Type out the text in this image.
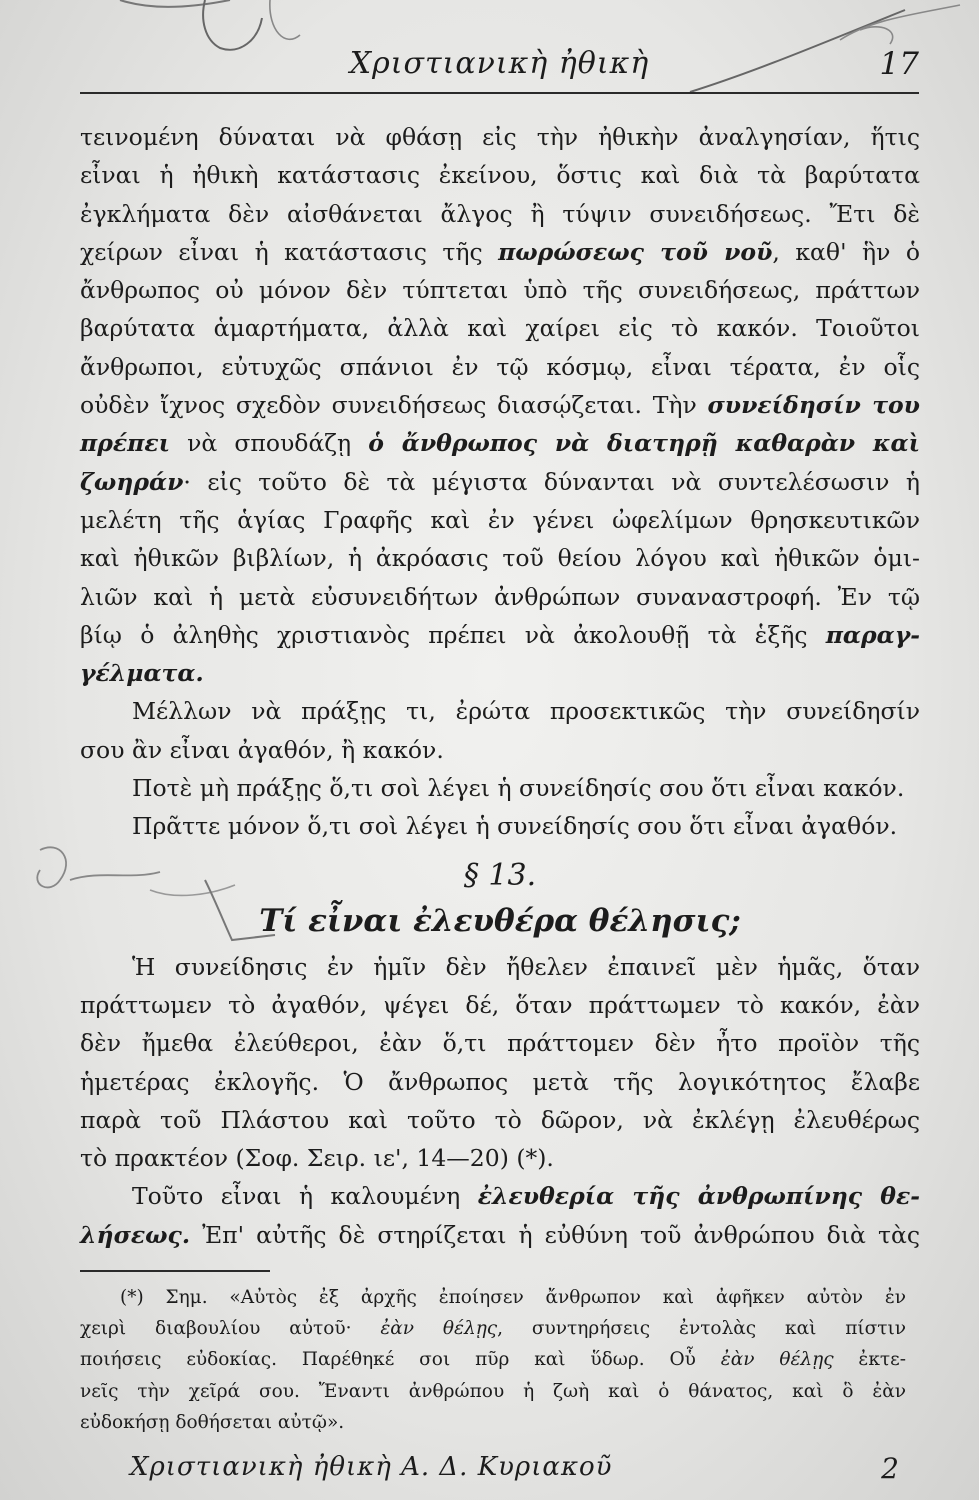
Χριστιανικὴ ἠθικὴ	17
τεινομένη δύναται νὰ φθάσῃ εἰς τὴν ἠθικὴν ἀναλγησίαν, ἥτις
εἶναι ἡ ἠθικὴ κατάστασις ἐκείνου, ὅστις καὶ διὰ τὰ βαρύτατα
ἐγκλήματα δὲν αἰσθάνεται ἄλγος ἢ τύψιν συνειδήσεως. Ἔτι δὲ
χείρων εἶναι ἡ κατάστασις τῆς πωρώσεως τοῦ νοῦ, καθ' ἣν ὁ
ἄνθρωπος οὐ μόνον δὲν τύπτεται ὑπὸ τῆς συνειδήσεως, πράττων
βαρύτατα ἁμαρτήματα, ἀλλὰ καὶ χαίρει εἰς τὸ κακόν. Τοιοῦτοι
ἄνθρωποι, εὐτυχῶς σπάνιοι ἐν τῷ κόσμῳ, εἶναι τέρατα, ἐν οἷς
οὐδὲν ἴχνος σχεδὸν συνειδήσεως διασῴζεται. Τὴν συνείδησίν του
πρέπει νὰ σπουδάζῃ ὁ ἄνθρωπος νὰ διατηρῇ καθαρὰν καὶ
ζωηράν· εἰς τοῦτο δὲ τὰ μέγιστα δύνανται νὰ συντελέσωσιν ἡ
μελέτη τῆς ἁγίας Γραφῆς καὶ ἐν γένει ὠφελίμων θρησκευτικῶν
καὶ ἠθικῶν βιβλίων, ἡ ἀκρόασις τοῦ θείου λόγου καὶ ἠθικῶν ὁμι-
λιῶν καὶ ἡ μετὰ εὐσυνειδήτων ἀνθρώπων συναναστροφή. Ἐν τῷ
βίῳ ὁ ἀληθὴς χριστιανὸς πρέπει νὰ ἀκολουθῇ τὰ ἑξῆς παραγ-
γέλματα.
Μέλλων νὰ πράξῃς τι, ἐρώτα προσεκτικῶς τὴν συνείδησίν
σου ἂν εἶναι ἀγαθόν, ἢ κακόν.
Ποτὲ μὴ πράξῃς ὅ,τι σοὶ λέγει ἡ συνείδησίς σου ὅτι εἶναι κακόν.
Πρᾶττε μόνον ὅ,τι σοὶ λέγει ἡ συνείδησίς σου ὅτι εἶναι ἀγαθόν.
§ 13.
Τί εἶναι ἐλευθέρα θέλησις;
Ἡ συνείδησις ἐν ἡμῖν δὲν ἤθελεν ἐπαινεῖ μὲν ἡμᾶς, ὅταν
πράττωμεν τὸ ἀγαθόν, ψέγει δέ, ὅταν πράττωμεν τὸ κακόν, ἐὰν
δὲν ἤμεθα ἐλεύθεροι, ἐὰν ὅ,τι πράττομεν δὲν ἦτο προϊὸν τῆς
ἡμετέρας ἐκλογῆς. Ὁ ἄνθρωπος μετὰ τῆς λογικότητος ἔλαβε
παρὰ τοῦ Πλάστου καὶ τοῦτο τὸ δῶρον, νὰ ἐκλέγῃ ἐλευθέρως
τὸ πρακτέον (Σοφ. Σειρ. ιε', 14—20) (*).
Τοῦτο εἶναι ἡ καλουμένη ἐλευθερία τῆς ἀνθρωπίνης θε-
λήσεως. Ἐπ' αὐτῆς δὲ στηρίζεται ἡ εὐθύνη τοῦ ἀνθρώπου διὰ τὰς
(*) Σημ. «Αὐτὸς ἐξ ἀρχῆς ἐποίησεν ἄνθρωπον καὶ ἀφῆκεν αὐτὸν ἐν
χειρὶ διαβουλίου αὐτοῦ· ἐὰν θέλῃς, συντηρήσεις ἐντολὰς καὶ πίστιν
ποιήσεις εὐδοκίας. Παρέθηκέ σοι πῦρ καὶ ὕδωρ. Οὗ ἐὰν θέλῃς ἐκτε-
νεῖς τὴν χεῖρά σου. Ἔναντι ἀνθρώπου ἡ ζωὴ καὶ ὁ θάνατος, καὶ ὃ ἐὰν
εὐδοκήσῃ δοθήσεται αὐτῷ».
Χριστιανικὴ ἠθικὴ Α. Δ. Κυριακοῦ	2
